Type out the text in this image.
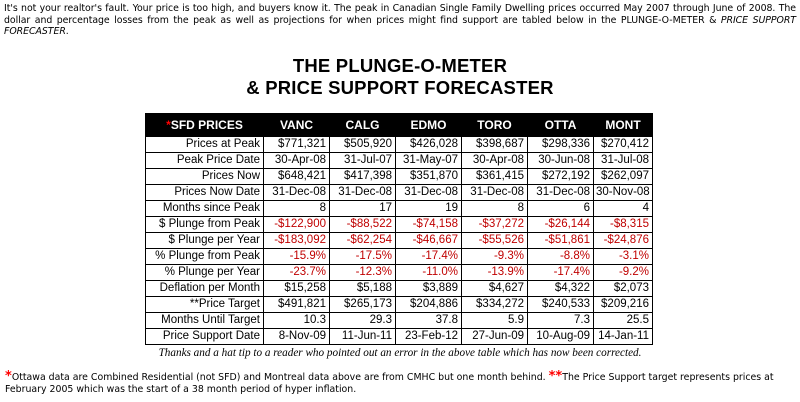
It's not your realtor's fault. Your price is too high, and buyers know it. The peak in Canadian Single Family Dwelling prices occurred May 2007 through June of 2008. The dollar and percentage losses from the peak as well as projections for when prices might find support are tabled below in the PLUNGE-O-METER & PRICE SUPPORT FORECASTER.
THE PLUNGE-O-METER
& PRICE SUPPORT FORECASTER
*SFD PRICES	VANC	CALG	EDMO	TORO	OTTA	MONT
Prices at Peak	$771,321	$505,920	$426,028	$398,687	$298,336	$270,412
Peak Price Date	30-Apr-08	31-Jul-07	31-May-07	30-Apr-08	30-Jun-08	31-Jul-08
Prices Now	$648,421	$417,398	$351,870	$361,415	$272,192	$262,097
Prices Now Date	31-Dec-08	31-Dec-08	31-Dec-08	31-Dec-08	31-Dec-08	30-Nov-08
Months since Peak	8	17	19	8	6	4
$ Plunge from Peak	-$122,900	-$88,522	-$74,158	-$37,272	-$26,144	-$8,315
$ Plunge per Year	-$183,092	-$62,254	-$46,667	-$55,526	-$51,861	-$24,876
% Plunge from Peak	-15.9%	-17.5%	-17.4%	-9.3%	-8.8%	-3.1%
% Plunge per Year	-23.7%	-12.3%	-11.0%	-13.9%	-17.4%	-9.2%
Deflation per Month	$15,258	$5,188	$3,889	$4,627	$4,322	$2,073
**Price Target	$491,821	$265,173	$204,886	$334,272	$240,533	$209,216
Months Until Target	10.3	29.3	37.8	5.9	7.3	25.5
Price Support Date	8-Nov-09	11-Jun-11	23-Feb-12	27-Jun-09	10-Aug-09	14-Jan-11
Thanks and a hat tip to a reader who pointed out an error in the above table which has now been corrected.
*Ottawa data are Combined Residential (not SFD) and Montreal data above are from CMHC but one month behind. **The Price Support target represents prices at February 2005 which was the start of a 38 month period of hyper inflation.
